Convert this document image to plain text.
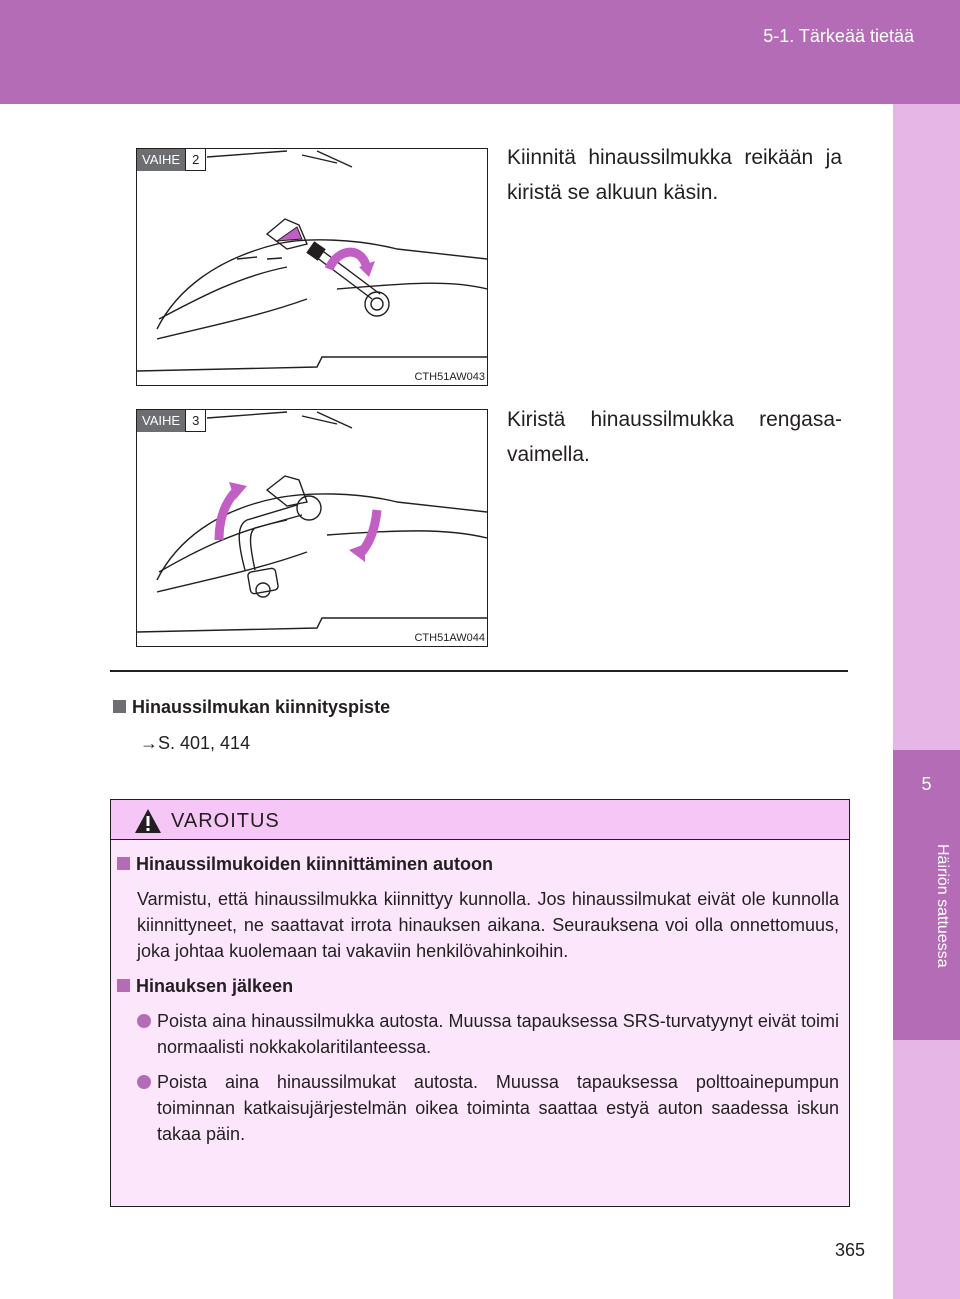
5-1. Tärkeää tietää
5
Häiriön sattuessa
VAIHE 2
CTH51AW043
Kiinnitä hinaussilmukka reikään ja kiristä se alkuun käsin.
VAIHE 3
CTH51AW044
Kiristä hinaussilmukka rengasavaimella.
Hinaussilmukan kiinnityspiste
→S. 401, 414
VAROITUS
Hinaussilmukoiden kiinnittäminen autoon
Varmistu, että hinaussilmukka kiinnittyy kunnolla. Jos hinaussilmukat eivät ole kunnolla kiinnittyneet, ne saattavat irrota hinauksen aikana. Seurauksena voi olla onnettomuus, joka johtaa kuolemaan tai vakaviin henkilövahinkoihin.
Hinauksen jälkeen
Poista aina hinaussilmukka autosta. Muussa tapauksessa SRS-turvatyynyt eivät toimi normaalisti nokkakolaritilanteessa.
Poista aina hinaussilmukat autosta. Muussa tapauksessa polttoainepumpun toiminnan katkaisujärjestelmän oikea toiminta saattaa estyä auton saadessa iskun takaa päin.
365
